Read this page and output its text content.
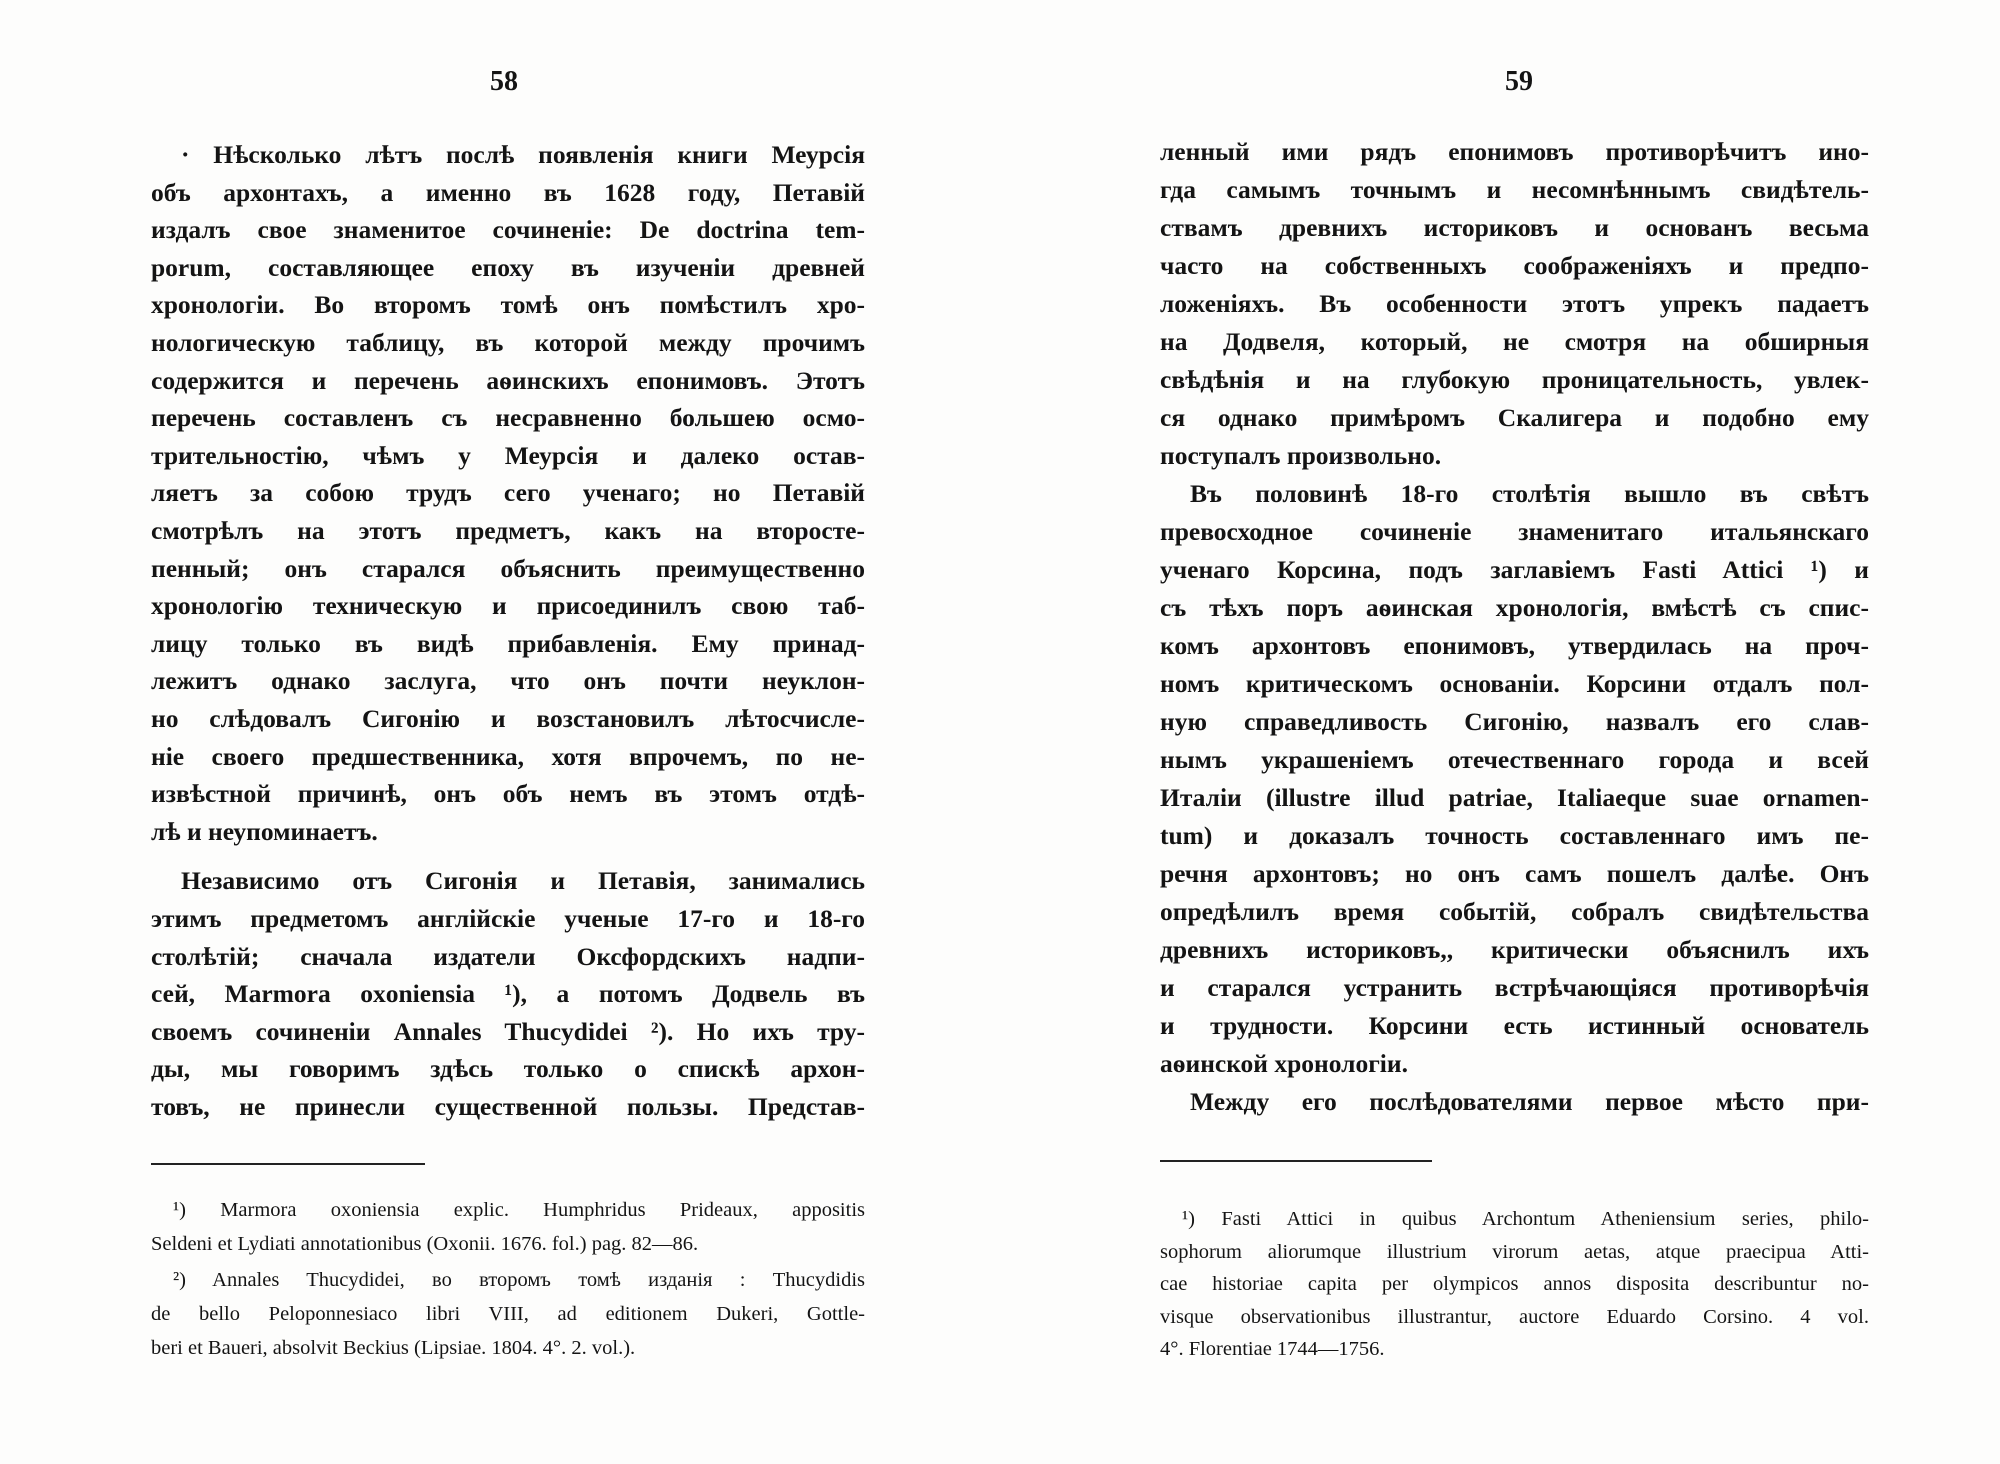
58
· Нѣсколько лѣтъ послѣ появленія книги Меурсія
объ архонтахъ, а именно въ 1628 году, Петавій
издалъ свое знаменитое сочиненіе: De doctrina tem-
porum, составляющее епоху въ изученіи древней
хронологіи. Во второмъ томѣ онъ помѣстилъ хро-
нологическую таблицу, въ которой между прочимъ
содержится и перечень аѳинскихъ епонимовъ. Этотъ
перечень составленъ съ несравненно большею осмо-
трительностію, чѣмъ у Меурсія и далеко остав-
ляетъ за собою трудъ сего ученаго; но Петавій
смотрѣлъ на этотъ предметъ, какъ на второсте-
пенный; онъ старался объяснить преимущественно
хронологію техническую и присоединилъ свою таб-
лицу только въ видѣ прибавленія. Ему принад-
лежитъ однако заслуга, что онъ почти неуклон-
но слѣдовалъ Сигонію и возстановилъ лѣтосчисле-
ніе своего предшественника, хотя впрочемъ, по не-
извѣстной причинѣ, онъ объ немъ въ этомъ отдѣ-
лѣ и неупоминаетъ.
Независимо отъ Сигонія и Петавія, занимались
этимъ предметомъ англійскіе ученые 17-го и 18-го
столѣтій; сначала издатели Оксфордскихъ надпи-
сей, Marmora oxoniensia ¹), а потомъ Додвель въ
своемъ сочиненіи Annales Thucydidei ²). Но ихъ тру-
ды, мы говоримъ здѣсь только о спискѣ архон-
товъ, не принесли существенной пользы. Представ-
¹) Marmora oxoniensia explic. Humphridus Prideaux, appositis
Seldeni et Lydiati annotationibus (Oxonii. 1676. fol.) pag. 82—86.
²) Annales Thucydidei, во второмъ томѣ изданія : Thucydidis
de bello Peloponnesiaco libri VIII, ad editionem Dukeri, Gottle-
beri et Baueri, absolvit Beckius (Lipsiae. 1804. 4°. 2. vol.).
59
ленный ими рядъ епонимовъ противорѣчитъ ино-
гда самымъ точнымъ и несомнѣннымъ свидѣтель-
ствамъ древнихъ историковъ и основанъ весьма
часто на собственныхъ соображеніяхъ и предпо-
ложеніяхъ. Въ особенности этотъ упрекъ падаетъ
на Додвеля, который, не смотря на обширныя
свѣдѣнія и на глубокую проницательность, увлек-
ся однако примѣромъ Скалигера и подобно ему
поступалъ произвольно.
Въ половинѣ 18-го столѣтія вышло въ свѣтъ
превосходное сочиненіе знаменитаго итальянскаго
ученаго Корсина, подъ заглавіемъ Fasti Attici ¹) и
съ тѣхъ поръ аѳинская хронологія, вмѣстѣ съ спис-
комъ архонтовъ епонимовъ, утвердилась на проч-
номъ критическомъ основаніи. Корсини отдалъ пол-
ную справедливость Сигонію, назвалъ его слав-
нымъ украшеніемъ отечественнаго города и всей
Италіи (illustre illud patriae, Italiaeque suae ornamen-
tum) и доказалъ точность составленнаго имъ пе-
речня архонтовъ; но онъ самъ пошелъ далѣе. Онъ
опредѣлилъ время событій, собралъ свидѣтельства
древнихъ историковъ,, критически объяснилъ ихъ
и старался устранить встрѣчающіяся противорѣчія
и трудности. Корсини есть истинный основатель
аѳинской хронологіи.
Между его послѣдователями первое мѣсто при-
¹) Fasti Attici in quibus Archontum Atheniensium series, philo-
sophorum aliorumque illustrium virorum aetas, atque praecipua Atti-
cae historiae capita per olympicos annos disposita describuntur no-
visque observationibus illustrantur, auctore Eduardo Corsino. 4 vol.
4°. Florentiae 1744—1756.
